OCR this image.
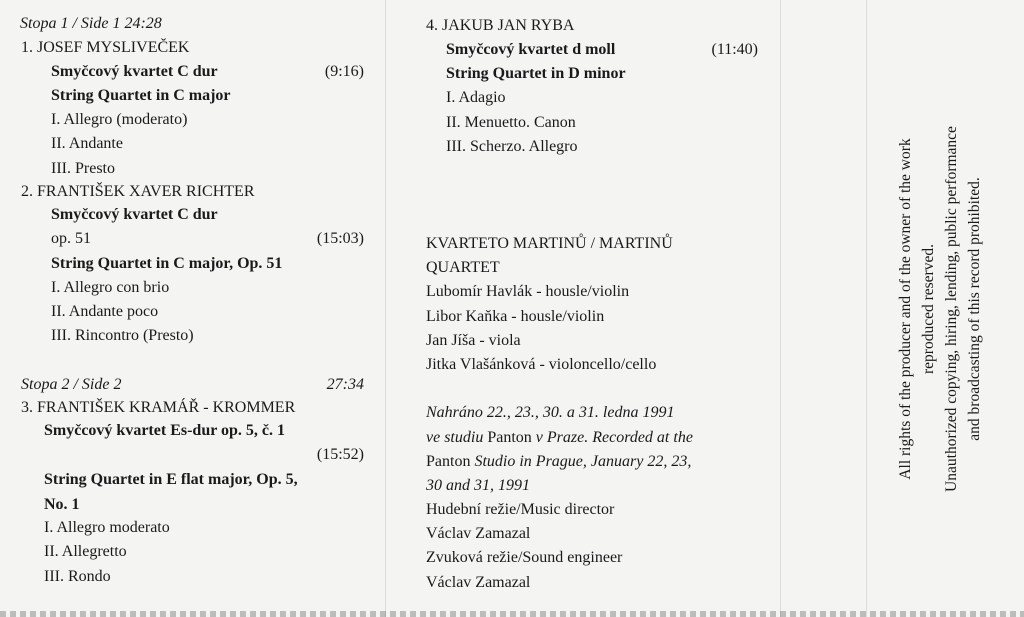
Stopa 1 / Side 1 24:28
1. JOSEF MYSLIVEČEK
Smyčcový kvartet C dur	(9:16)
String Quartet in C major
I. Allegro (moderato)
II. Andante
III. Presto
2. FRANTIŠEK XAVER RICHTER
Smyčcový kvartet C dur
op. 51	(15:03)
String Quartet in C major, Op. 51
I. Allegro con brio
II. Andante poco
III. Rincontro (Presto)
Stopa 2 / Side 2	27:34
3. FRANTIŠEK KRAMÁŘ - KROMMER
Smyčcový kvartet Es-dur op. 5, č. 1
(15:52)
String Quartet in E flat major, Op. 5,
No. 1
I. Allegro moderato
II. Allegretto
III. Rondo
4. JAKUB JAN RYBA
Smyčcový kvartet d moll	(11:40)
String Quartet in D minor
I. Adagio
II. Menuetto. Canon
III. Scherzo. Allegro
KVARTETO MARTINŮ / MARTINŮ
QUARTET
Lubomír Havlák - housle/violin
Libor Kaňka - housle/violin
Jan Jíša - viola
Jitka Vlašánková - violoncello/cello
Nahráno 22., 23., 30. a 31. ledna 1991
ve studiu Panton v Praze. Recorded at the
Panton Studio in Prague, January 22, 23,
30 and 31, 1991
Hudební režie/Music director
Václav Zamazal
Zvuková režie/Sound engineer
Václav Zamazal
All rights of the producer and of the owner of the work reproduced reserved. Unauthorized copying, hiring, lending, public performance and broadcasting of this record prohibited.
